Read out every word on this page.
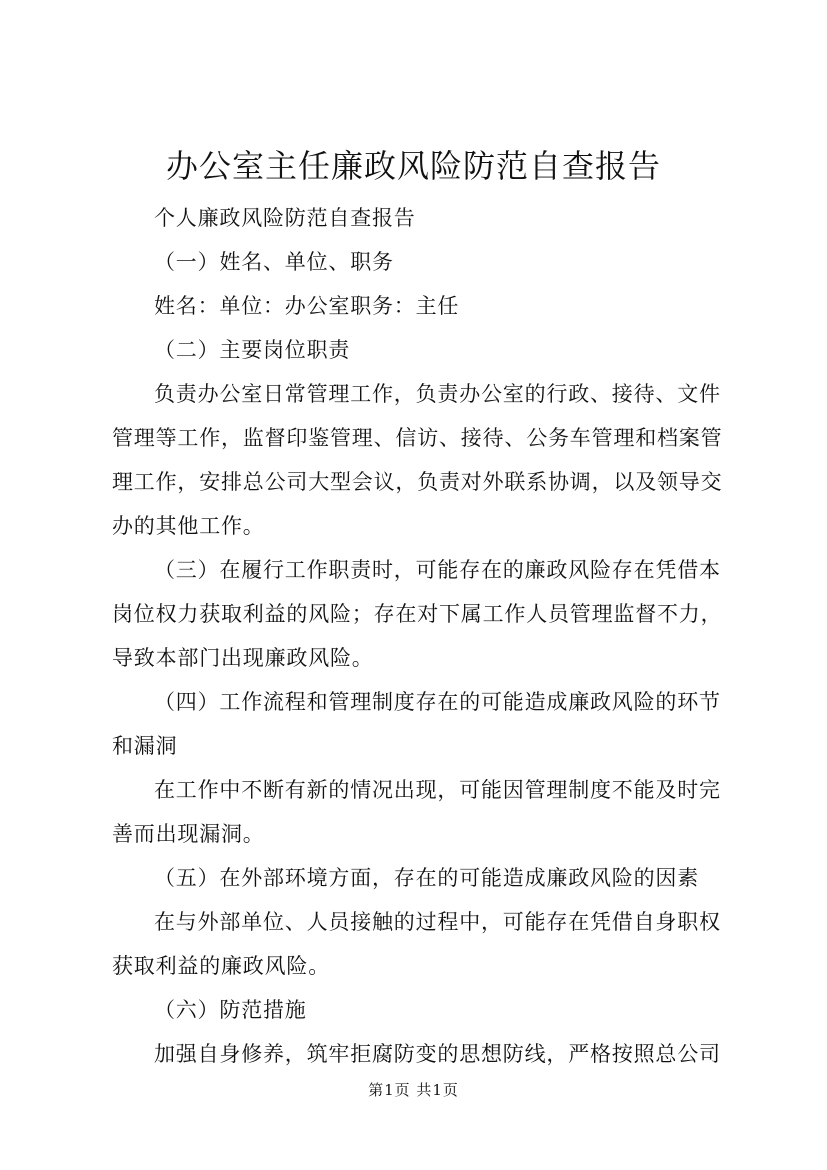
办公室主任廉政风险防范自查报告
个人廉政风险防范自查报告
（一）姓名、单位、职务
姓名：单位：办公室职务：主任
（二）主要岗位职责
负责办公室日常管理工作，负责办公室的行政、接待、文件
管理等工作，监督印鉴管理、信访、接待、公务车管理和档案管
理工作，安排总公司大型会议，负责对外联系协调，以及领导交
办的其他工作。
（三）在履行工作职责时，可能存在的廉政风险存在凭借本
岗位权力获取利益的风险；存在对下属工作人员管理监督不力，
导致本部门出现廉政风险。
（四）工作流程和管理制度存在的可能造成廉政风险的环节
和漏洞
在工作中不断有新的情况出现，可能因管理制度不能及时完
善而出现漏洞。
（五）在外部环境方面，存在的可能造成廉政风险的因素
在与外部单位、人员接触的过程中，可能存在凭借自身职权
获取利益的廉政风险。
（六）防范措施
加强自身修养，筑牢拒腐防变的思想防线，严格按照总公司
第1页 共1页
